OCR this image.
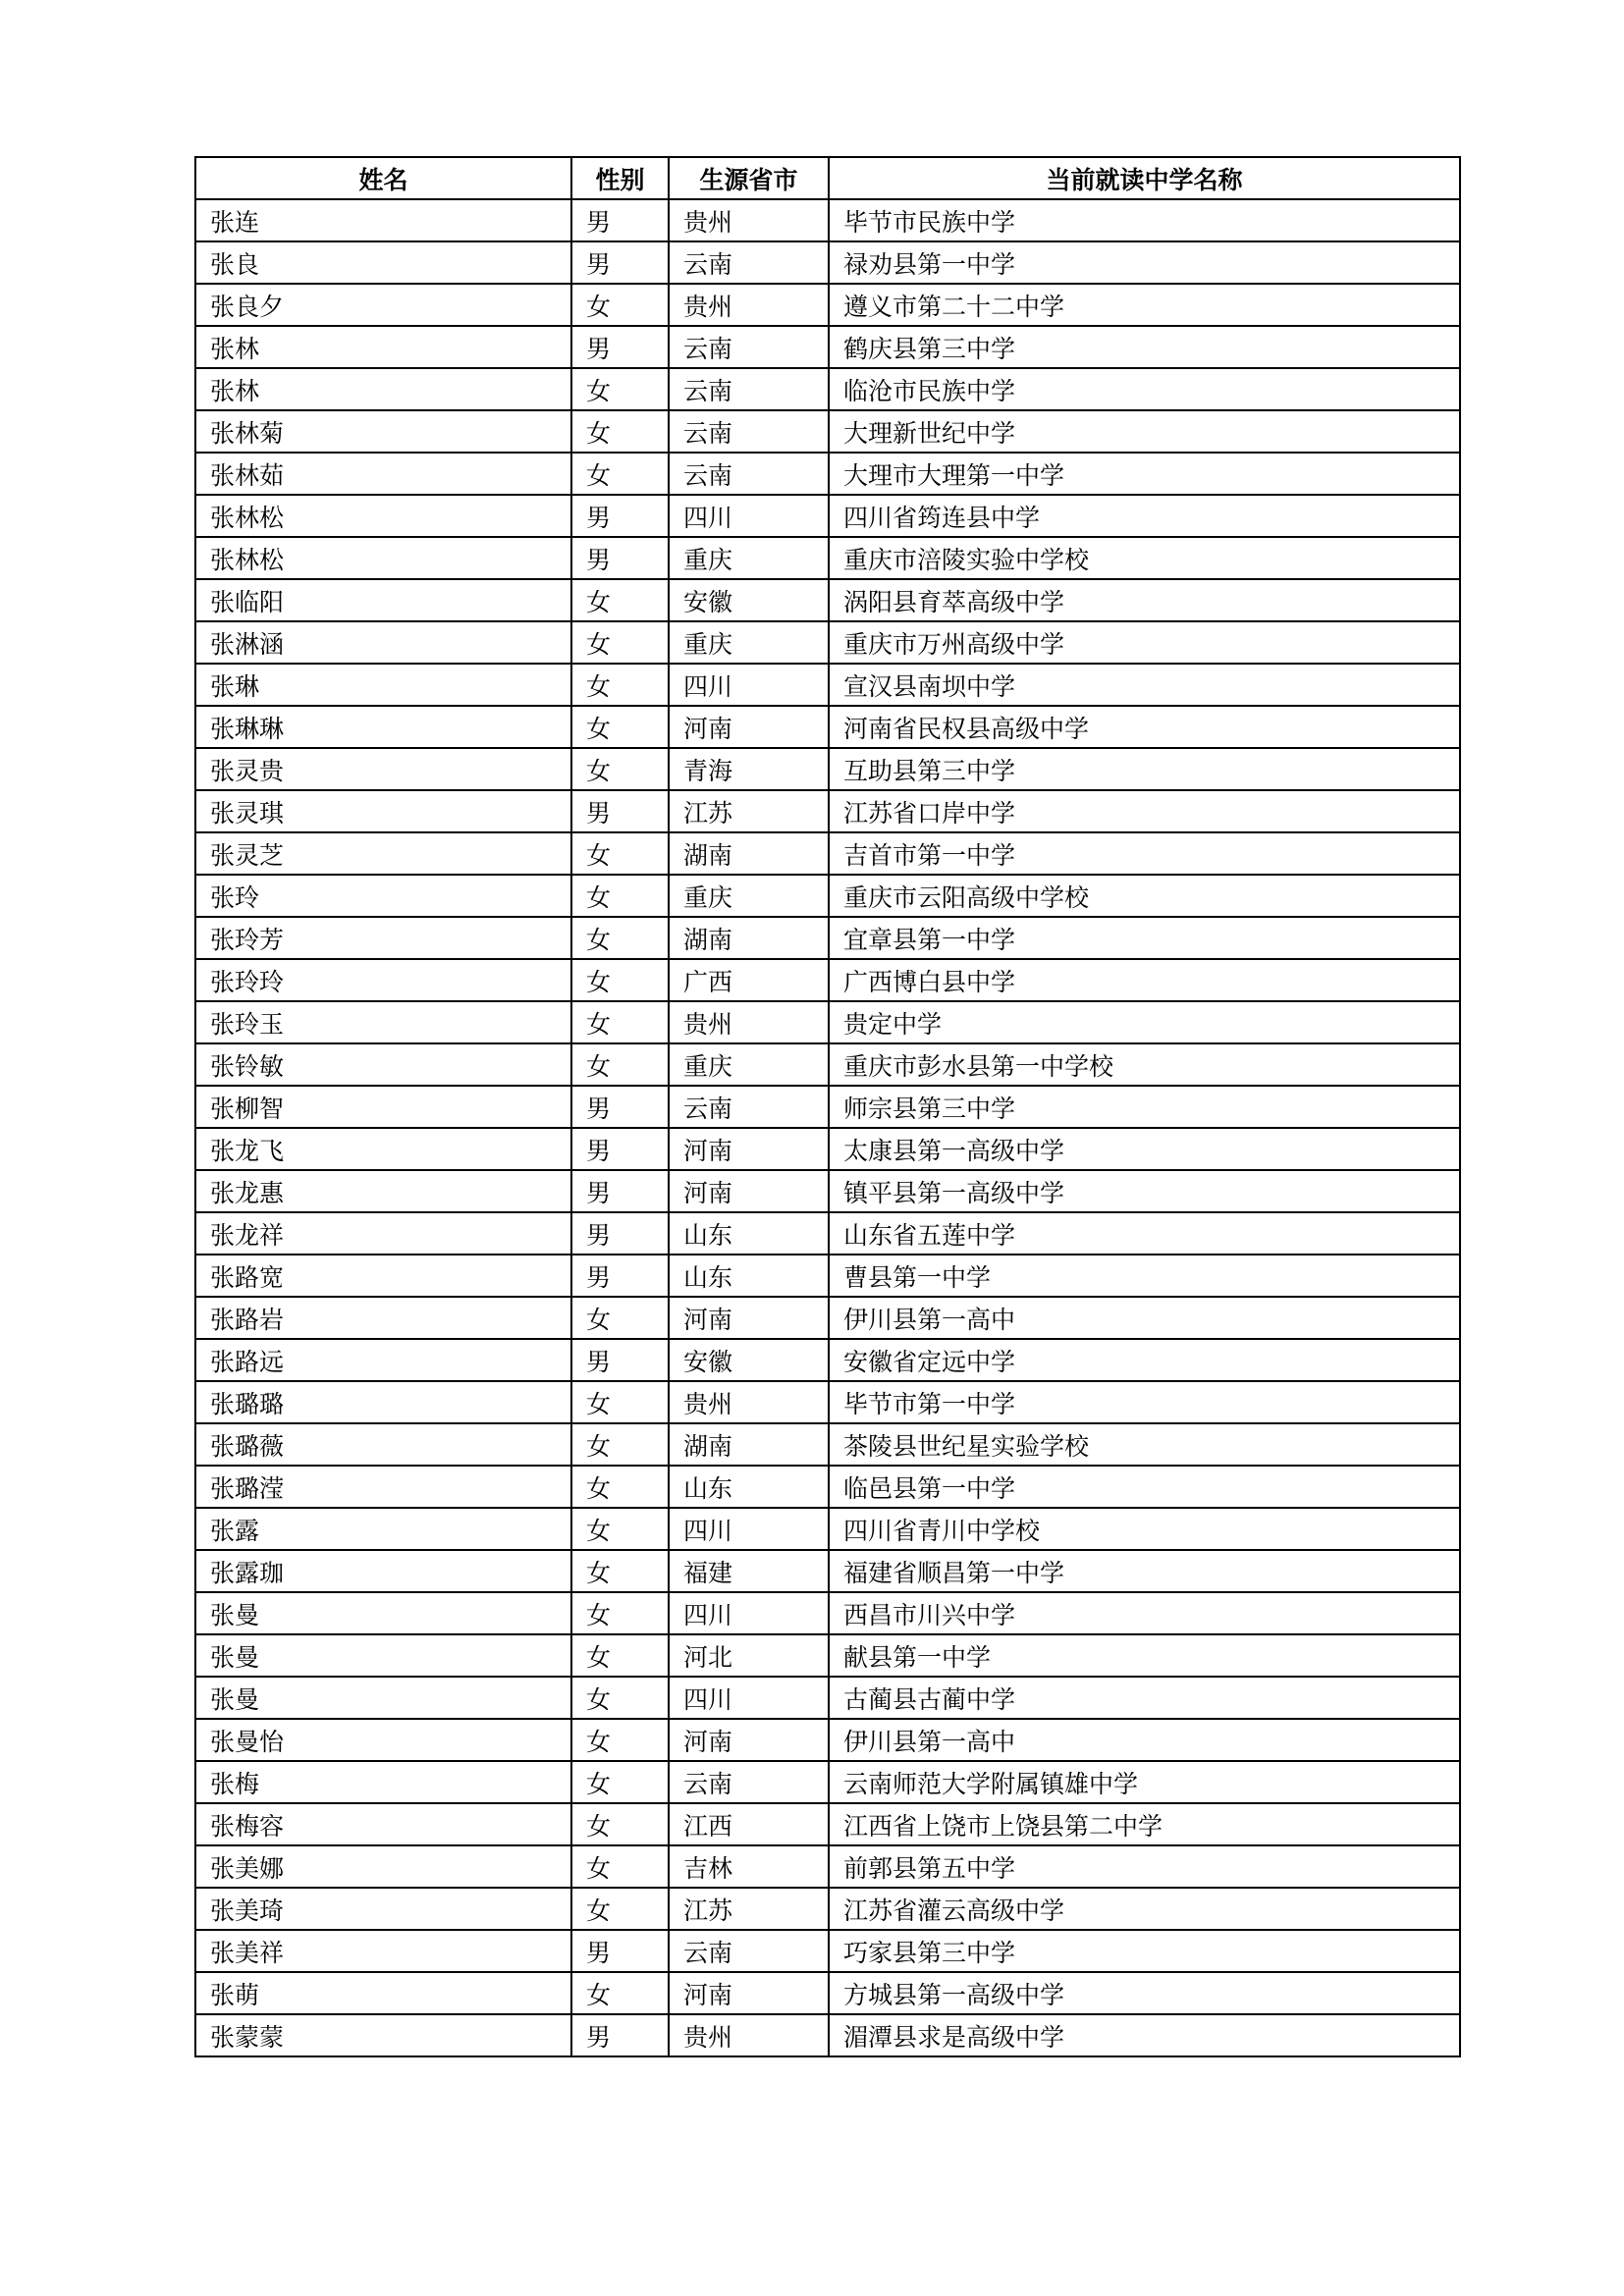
姓名	性别	生源省市	当前就读中学名称
张连	男	贵州	毕节市民族中学
张良	男	云南	禄劝县第一中学
张良夕	女	贵州	遵义市第二十二中学
张林	男	云南	鹤庆县第三中学
张林	女	云南	临沧市民族中学
张林菊	女	云南	大理新世纪中学
张林茹	女	云南	大理市大理第一中学
张林松	男	四川	四川省筠连县中学
张林松	男	重庆	重庆市涪陵实验中学校
张临阳	女	安徽	涡阳县育萃高级中学
张淋涵	女	重庆	重庆市万州高级中学
张琳	女	四川	宣汉县南坝中学
张琳琳	女	河南	河南省民权县高级中学
张灵贵	女	青海	互助县第三中学
张灵琪	男	江苏	江苏省口岸中学
张灵芝	女	湖南	吉首市第一中学
张玲	女	重庆	重庆市云阳高级中学校
张玲芳	女	湖南	宜章县第一中学
张玲玲	女	广西	广西博白县中学
张玲玉	女	贵州	贵定中学
张铃敏	女	重庆	重庆市彭水县第一中学校
张柳智	男	云南	师宗县第三中学
张龙飞	男	河南	太康县第一高级中学
张龙惠	男	河南	镇平县第一高级中学
张龙祥	男	山东	山东省五莲中学
张路宽	男	山东	曹县第一中学
张路岩	女	河南	伊川县第一高中
张路远	男	安徽	安徽省定远中学
张璐璐	女	贵州	毕节市第一中学
张璐薇	女	湖南	茶陵县世纪星实验学校
张璐滢	女	山东	临邑县第一中学
张露	女	四川	四川省青川中学校
张露珈	女	福建	福建省顺昌第一中学
张曼	女	四川	西昌市川兴中学
张曼	女	河北	献县第一中学
张曼	女	四川	古蔺县古蔺中学
张曼怡	女	河南	伊川县第一高中
张梅	女	云南	云南师范大学附属镇雄中学
张梅容	女	江西	江西省上饶市上饶县第二中学
张美娜	女	吉林	前郭县第五中学
张美琦	女	江苏	江苏省灌云高级中学
张美祥	男	云南	巧家县第三中学
张萌	女	河南	方城县第一高级中学
张蒙蒙	男	贵州	湄潭县求是高级中学
